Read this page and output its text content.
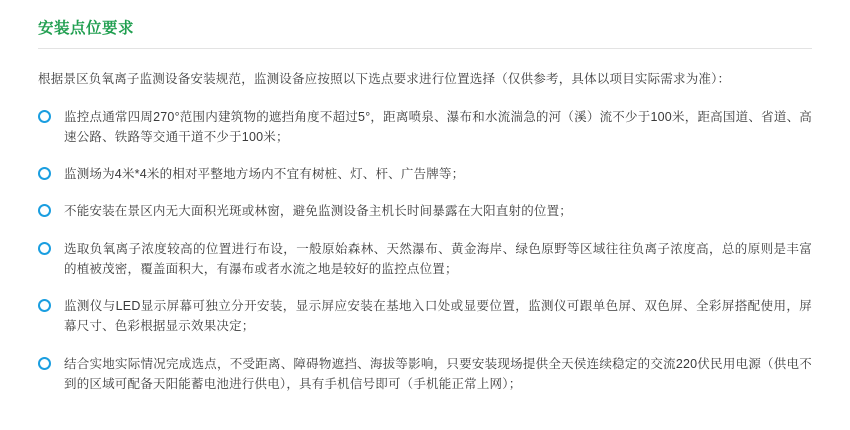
安装点位要求

根据景区负氧离子监测设备安装规范，监测设备应按照以下选点要求进行位置选择（仅供参考，具体以项目实际需求为准）：

监控点通常四周270°范围内建筑物的遮挡角度不超过5°，距离喷泉、瀑布和水流湍急的河（溪）流不少于100米，距高国道、省道、高速公路、铁路等交通干道不少于100米；
监测场为4米*4米的相对平整地方场内不宜有树桩、灯、杆、广告牌等；
不能安装在景区内无大面积光斑或林窗，避免监测设备主机长时间暴露在大阳直射的位置；
选取负氧离子浓度较高的位置进行布设，一般原始森林、天然瀑布、黄金海岸、绿色原野等区域往往负离子浓度高，总的原则是丰富的植被茂密，覆盖面积大，有瀑布或者水流之地是较好的监控点位置；
监测仪与LED显示屏幕可独立分开安装，显示屏应安装在基地入口处或显要位置，监测仪可跟单色屏、双色屏、全彩屏搭配使用，屏幕尺寸、色彩根据显示效果决定；
结合实地实际情况完成选点，不受距离、障碍物遮挡、海拔等影响，只要安装现场提供全天侯连续稳定的交流220伏民用电源（供电不到的区域可配备天阳能蓄电池进行供电），具有手机信号即可（手机能正常上网）；
